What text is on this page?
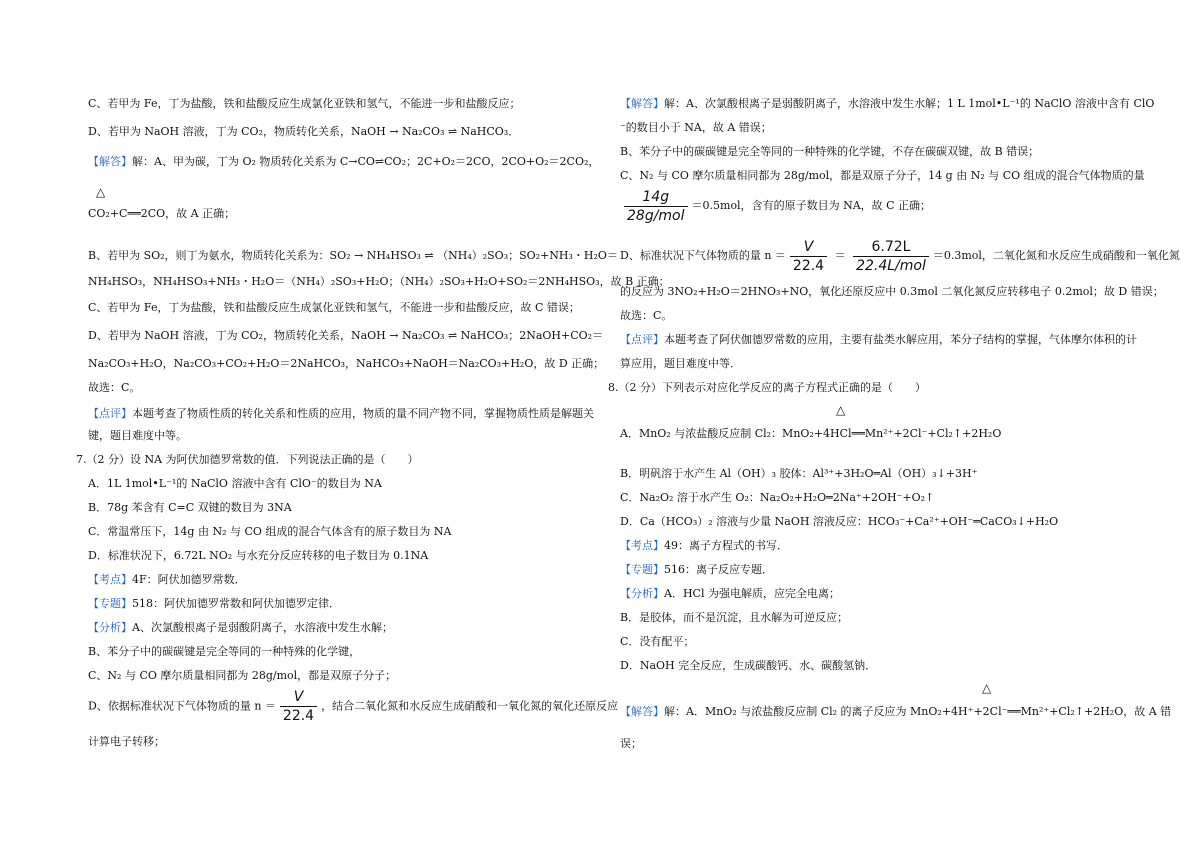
C、若甲为 Fe，丁为盐酸，铁和盐酸反应生成氯化亚铁和氢气，不能进一步和盐酸反应；
D、若甲为 NaOH 溶液，丁为 CO₂，物质转化关系，NaOH → Na₂CO₃ ⇌ NaHCO₃．
【解答】解：A、甲为碳，丁为 O₂ 物质转化关系为 C→CO⇌CO₂；2C+O₂＝2CO，2CO+O₂＝2CO₂，
△
CO₂+C══2CO，故 A 正确；
B、若甲为 SO₂，则丁为氨水，物质转化关系为：SO₂ → NH₄HSO₃ ⇌ （NH₄）₂SO₃；SO₂+NH₃・H₂O＝
NH₄HSO₃，NH₄HSO₃+NH₃・H₂O＝（NH₄）₂SO₃+H₂O；（NH₄）₂SO₃+H₂O+SO₂＝2NH₄HSO₃，故 B 正确；
C、若甲为 Fe，丁为盐酸，铁和盐酸反应生成氯化亚铁和氢气，不能进一步和盐酸反应，故 C 错误；
D、若甲为 NaOH 溶液，丁为 CO₂，物质转化关系，NaOH → Na₂CO₃ ⇌ NaHCO₃；2NaOH+CO₂＝
Na₂CO₃+H₂O，Na₂CO₃+CO₂+H₂O＝2NaHCO₃，NaHCO₃+NaOH＝Na₂CO₃+H₂O，故 D 正确；
故选：C。
【点评】本题考查了物质性质的转化关系和性质的应用，物质的量不同产物不同，掌握物质性质是解题关
键，题目难度中等。
7.（2 分）设 NA 为阿伏加德罗常数的值．下列说法正确的是（　　）
A．1L 1mol•L⁻¹的 NaClO 溶液中含有 ClO⁻的数目为 NA
B．78g 苯含有 C=C 双键的数目为 3NA
C．常温常压下，14g 由 N₂ 与 CO 组成的混合气体含有的原子数目为 NA
D．标准状况下，6.72L NO₂ 与水充分反应转移的电子数目为 0.1NA
【考点】4F：阿伏加德罗常数．
【专题】518：阿伏加德罗常数和阿伏加德罗定律．
【分析】A、次氯酸根离子是弱酸阴离子，水溶液中发生水解；
B、苯分子中的碳碳键是完全等同的一种特殊的化学键，
C、N₂ 与 CO 摩尔质量相同都为 28g/mol，都是双原子分子；
D、依据标准状况下气体物质的量 $n = \frac{V}{22.4}$ ，结合二氧化氮和水反应生成硝酸和一氧化氮的氧化还原反应
计算电子转移；
【解答】解：A、次氯酸根离子是弱酸阴离子，水溶液中发生水解；1 L 1mol•L⁻¹的 NaClO 溶液中含有 ClO
⁻的数目小于 NA，故 A 错误；
B、苯分子中的碳碳键是完全等同的一种特殊的化学键，不存在碳碳双键，故 B 错误；
C、N₂ 与 CO 摩尔质量相同都为 28g/mol，都是双原子分子，14 g 由 N₂ 与 CO 组成的混合气体物质的量
$\frac{14g}{\text{28g/mol}} =0.5mol$，含有的原子数目为 NA，故 C 正确；
D、标准状况下气体物质的量 $n = \frac{V}{22.4} = \frac{6.72L}{\text{22.4L/mol}} =0.3mol$，二氧化氮和水反应生成硝酸和一氧化氮
的反应为 3NO₂+H₂O＝2HNO₃+NO，氧化还原反应中 0.3mol 二氧化氮反应转移电子 0.2mol；故 D 错误；
故选：C。
【点评】本题考查了阿伏伽德罗常数的应用，主要有盐类水解应用，苯分子结构的掌握，气体摩尔体积的计
算应用，题目难度中等．
8.（2 分）下列表示对应化学反应的离子方程式正确的是（　　）
△
A．MnO₂ 与浓盐酸反应制 Cl₂：MnO₂+4HCl══Mn²⁺+2Cl⁻+Cl₂↑+2H₂O
B．明矾溶于水产生 Al（OH）₃ 胶体：Al³⁺+3H₂O═Al（OH）₃↓+3H⁺
C．Na₂O₂ 溶于水产生 O₂：Na₂O₂+H₂O═2Na⁺+2OH⁻+O₂↑
D．Ca（HCO₃）₂ 溶液与少量 NaOH 溶液反应：HCO₃⁻+Ca²⁺+OH⁻═CaCO₃↓+H₂O
【考点】49：离子方程式的书写．
【专题】516：离子反应专题．
【分析】A．HCl 为强电解质，应完全电离；
B．是胶体，而不是沉淀，且水解为可逆反应；
C．没有配平；
D．NaOH 完全反应，生成碳酸钙、水、碳酸氢钠．
△
【解答】解：A．MnO₂ 与浓盐酸反应制 Cl₂ 的离子反应为 MnO₂+4H⁺+2Cl⁻══Mn²⁺+Cl₂↑+2H₂O，故 A 错
误；
